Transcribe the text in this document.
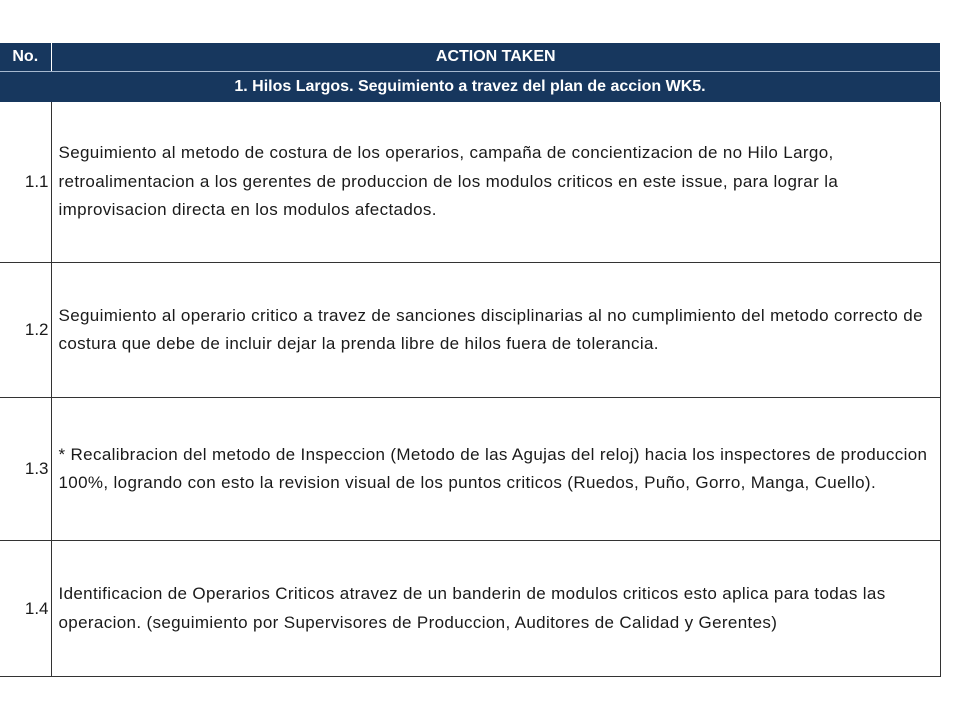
No.	ACTION TAKEN
1. Hilos Largos. Seguimiento a travez del plan de accion WK5.	
1.1	Seguimiento al metodo de costura de los operarios, campaña de concientizacion de no Hilo Largo, retroalimentacion a los gerentes de produccion de los modulos criticos en este issue, para lograr la improvisacion directa en los modulos afectados.
1.2	Seguimiento al operario critico a travez de sanciones disciplinarias al no cumplimiento del metodo correcto de costura que debe de incluir dejar la prenda libre de hilos fuera de tolerancia.
1.3	* Recalibracion del metodo de Inspeccion (Metodo de las Agujas del reloj) hacia los inspectores de produccion 100%, logrando con esto la revision visual de los puntos criticos (Ruedos, Puño, Gorro, Manga, Cuello).
1.4	Identificacion de Operarios Criticos atravez de un banderin de modulos criticos esto aplica para todas las operacion. (seguimiento por Supervisores de Produccion, Auditores de Calidad y Gerentes)
